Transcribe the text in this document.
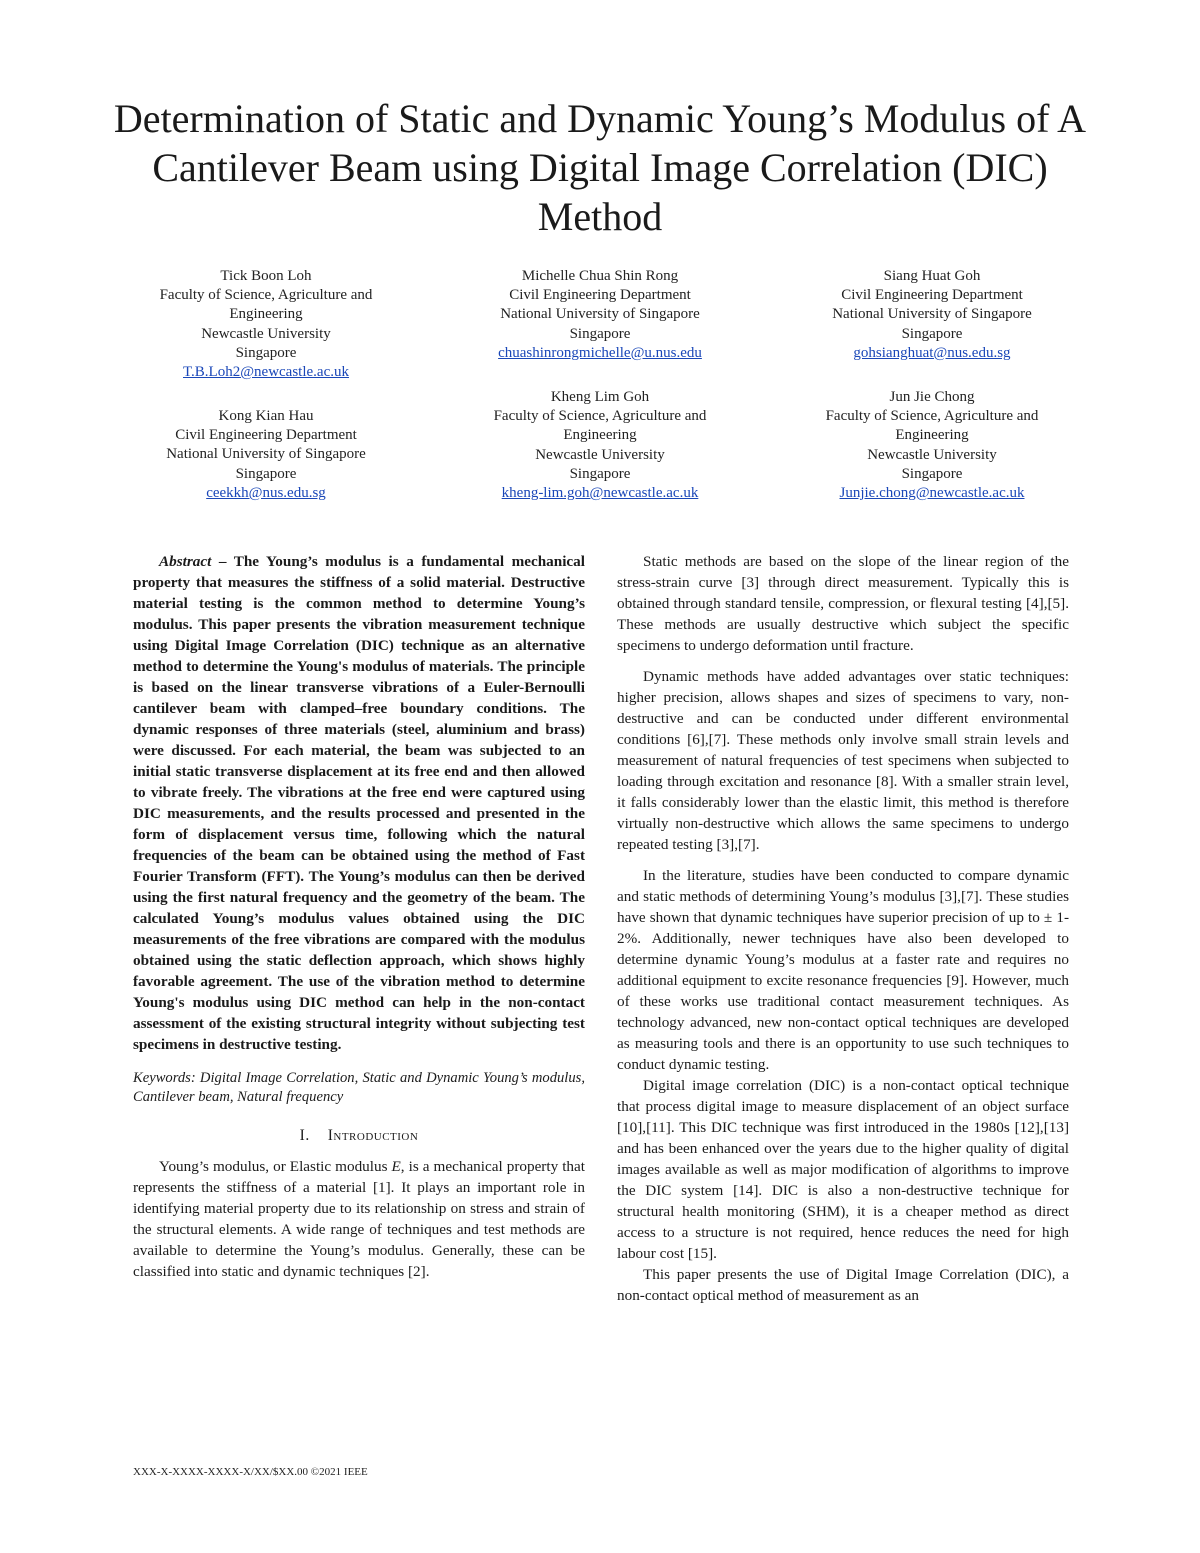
Determination of Static and Dynamic Young’s Modulus of A Cantilever Beam using Digital Image Correlation (DIC) Method
Tick Boon Loh
Faculty of Science, Agriculture and Engineering
Newcastle University
Singapore
T.B.Loh2@newcastle.ac.uk
Michelle Chua Shin Rong
Civil Engineering Department
National University of Singapore
Singapore
chuashinrongmichelle@u.nus.edu
Siang Huat Goh
Civil Engineering Department
National University of Singapore
Singapore
gohsianghuat@nus.edu.sg
Kong Kian Hau
Civil Engineering Department
National University of Singapore
Singapore
ceekkh@nus.edu.sg
Kheng Lim Goh
Faculty of Science, Agriculture and Engineering
Newcastle University
Singapore
kheng-lim.goh@newcastle.ac.uk
Jun Jie Chong
Faculty of Science, Agriculture and Engineering
Newcastle University
Singapore
Junjie.chong@newcastle.ac.uk

Abstract – The Young’s modulus is a fundamental mechanical property that measures the stiffness of a solid material. Destructive material testing is the common method to determine Young’s modulus. This paper presents the vibration measurement technique using Digital Image Correlation (DIC) technique as an alternative method to determine the Young's modulus of materials. The principle is based on the linear transverse vibrations of a Euler-Bernoulli cantilever beam with clamped–free boundary conditions. The dynamic responses of three materials (steel, aluminium and brass) were discussed. For each material, the beam was subjected to an initial static transverse displacement at its free end and then allowed to vibrate freely. The vibrations at the free end were captured using DIC measurements, and the results processed and presented in the form of displacement versus time, following which the natural frequencies of the beam can be obtained using the method of Fast Fourier Transform (FFT). The Young’s modulus can then be derived using the first natural frequency and the geometry of the beam. The calculated Young’s modulus values obtained using the DIC measurements of the free vibrations are compared with the modulus obtained using the static deflection approach, which shows highly favorable agreement. The use of the vibration method to determine Young's modulus using DIC method can help in the non-contact assessment of the existing structural integrity without subjecting test specimens in destructive testing.

Keywords: Digital Image Correlation, Static and Dynamic Young’s modulus, Cantilever beam, Natural frequency

I. Introduction

Young’s modulus, or Elastic modulus E, is a mechanical property that represents the stiffness of a material [1]. It plays an important role in identifying material property due to its relationship on stress and strain of the structural elements. A wide range of techniques and test methods are available to determine the Young’s modulus. Generally, these can be classified into static and dynamic techniques [2].

Static methods are based on the slope of the linear region of the stress-strain curve [3] through direct measurement. Typically this is obtained through standard tensile, compression, or flexural testing [4],[5]. These methods are usually destructive which subject the specific specimens to undergo deformation until fracture.

Dynamic methods have added advantages over static techniques: higher precision, allows shapes and sizes of specimens to vary, non-destructive and can be conducted under different environmental conditions [6],[7]. These methods only involve small strain levels and measurement of natural frequencies of test specimens when subjected to loading through excitation and resonance [8]. With a smaller strain level, it falls considerably lower than the elastic limit, this method is therefore virtually non-destructive which allows the same specimens to undergo repeated testing [3],[7].

In the literature, studies have been conducted to compare dynamic and static methods of determining Young’s modulus [3],[7]. These studies have shown that dynamic techniques have superior precision of up to ± 1-2%. Additionally, newer techniques have also been developed to determine dynamic Young’s modulus at a faster rate and requires no additional equipment to excite resonance frequencies [9]. However, much of these works use traditional contact measurement techniques. As technology advanced, new non-contact optical techniques are developed as measuring tools and there is an opportunity to use such techniques to conduct dynamic testing.

Digital image correlation (DIC) is a non-contact optical technique that process digital image to measure displacement of an object surface [10],[11]. This DIC technique was first introduced in the 1980s [12],[13] and has been enhanced over the years due to the higher quality of digital images available as well as major modification of algorithms to improve the DIC system [14]. DIC is also a non-destructive technique for structural health monitoring (SHM), it is a cheaper method as direct access to a structure is not required, hence reduces the need for high labour cost [15].

This paper presents the use of Digital Image Correlation (DIC), a non-contact optical method of measurement as an

XXX-X-XXXX-XXXX-X/XX/$XX.00 ©2021 IEEE
